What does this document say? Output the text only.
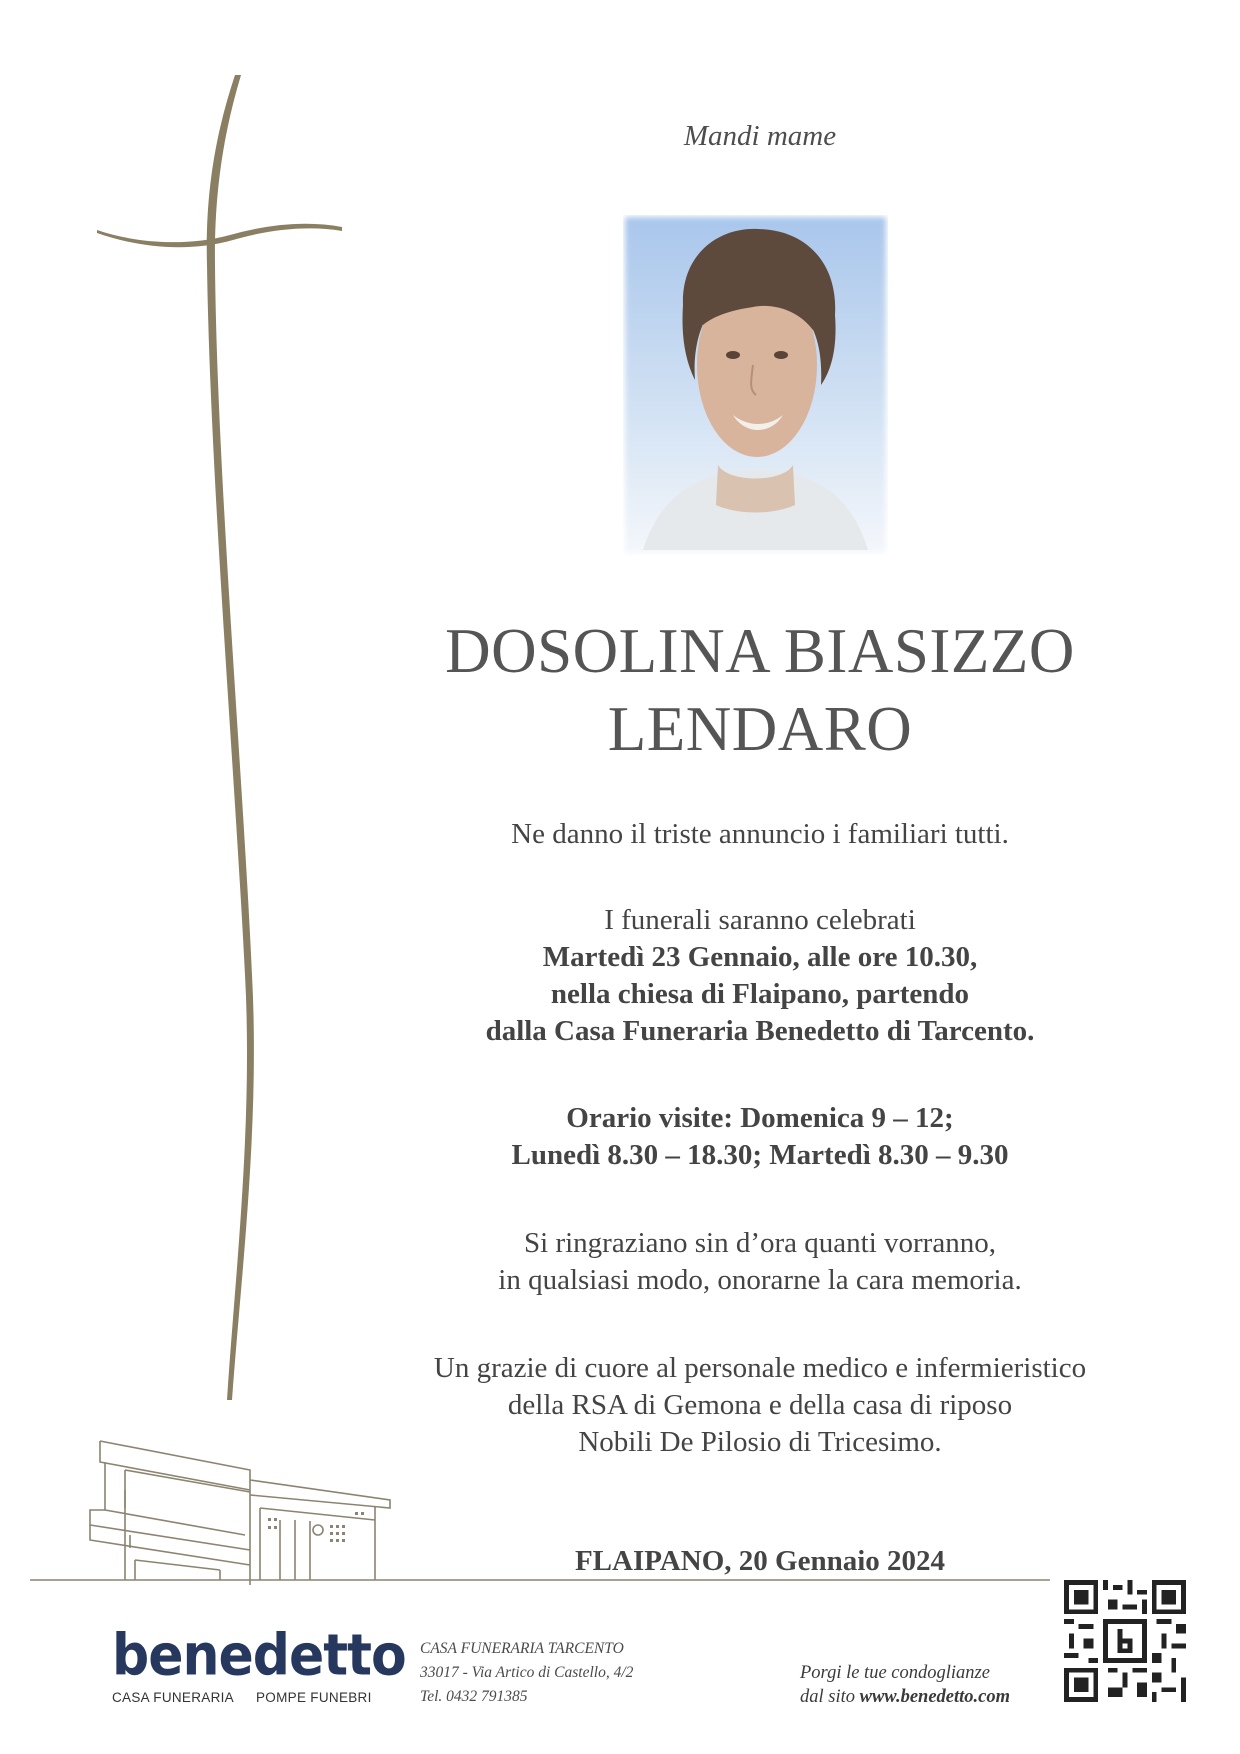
Mandi mame
DOSOLINA BIASIZZO
LENDARO
Ne danno il triste annuncio i familiari tutti.
I funerali saranno celebrati
Martedì 23 Gennaio, alle ore 10.30,
nella chiesa di Flaipano, partendo
dalla Casa Funeraria Benedetto di Tarcento.
Orario visite: Domenica 9 – 12;
Lunedì 8.30 – 18.30; Martedì 8.30 – 9.30
Si ringraziano sin d’ora quanti vorranno,
in qualsiasi modo, onorarne la cara memoria.
Un grazie di cuore al personale medico e infermieristico
della RSA di Gemona e della casa di riposo
Nobili De Pilosio di Tricesimo.
FLAIPANO, 20 Gennaio 2024
benedetto
CASA FUNERARIA POMPE FUNEBRI
CASA FUNERARIA TARCENTO
33017 - Via Artico di Castello, 4/2
Tel. 0432 791385
Porgi le tue condoglianze
dal sito www.benedetto.com
